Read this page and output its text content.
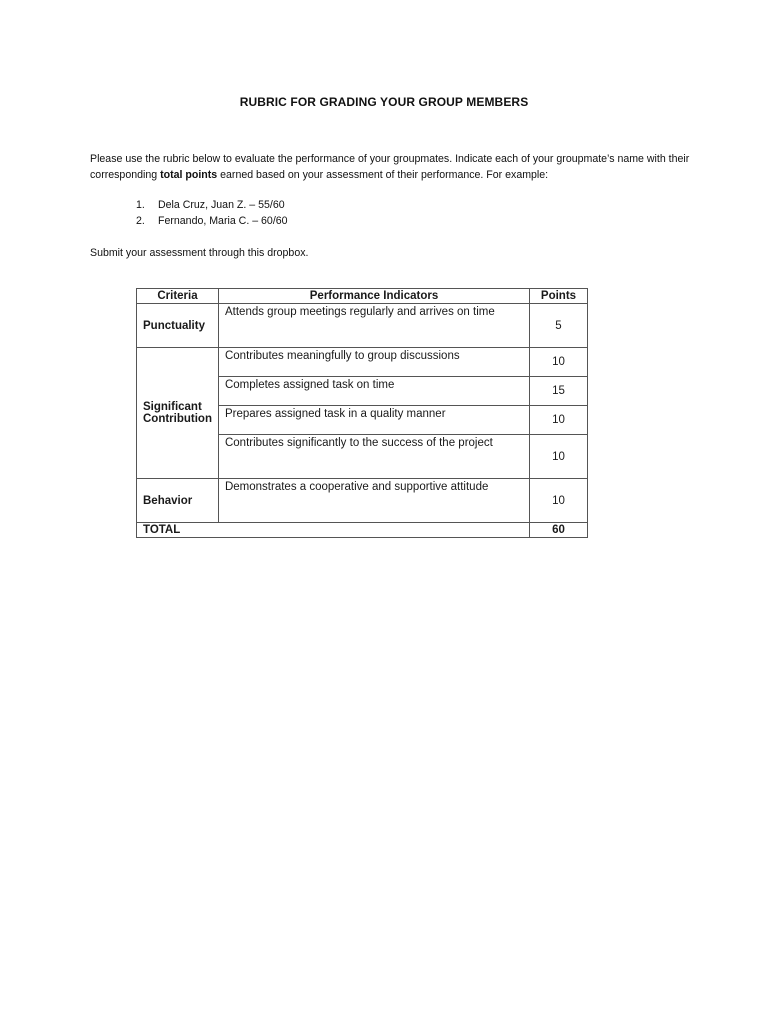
RUBRIC FOR GRADING YOUR GROUP MEMBERS

Please use the rubric below to evaluate the performance of your groupmates. Indicate each of your groupmate’s name with their corresponding total points earned based on your assessment of their performance. For example:

1.	Dela Cruz, Juan Z. – 55/60
2.	Fernando, Maria C. – 60/60
Submit your assessment through this dropbox.
Criteria	Performance Indicators	Points
Punctuality	Attends group meetings regularly and arrives on time	5
Significant
Contribution	Contributes meaningfully to group discussions	10
	Completes assigned task on time	15
	Prepares assigned task in a quality manner	10
	Contributes significantly to the success of the project	10
Behavior	Demonstrates a cooperative and supportive attitude	10
TOTAL		60
